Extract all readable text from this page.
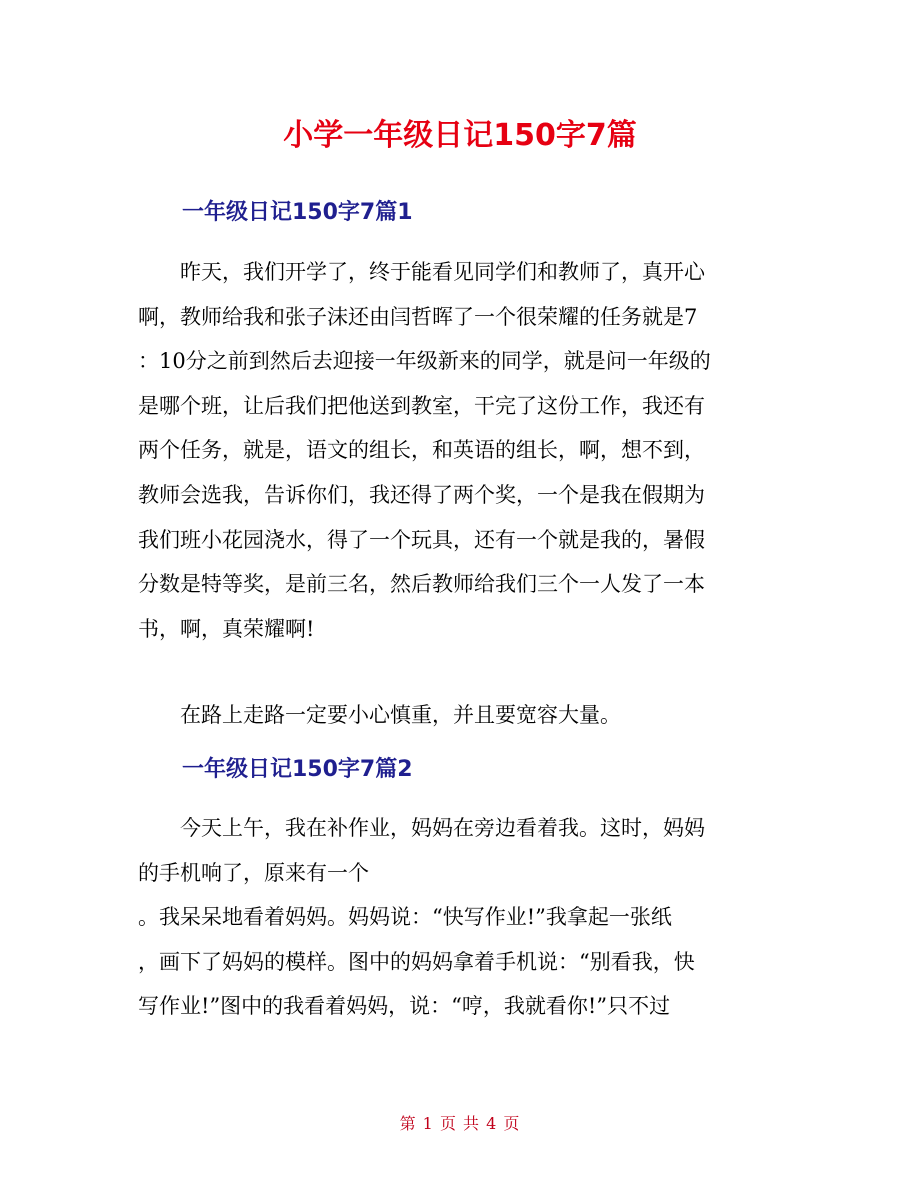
小学一年级日记150字7篇
一年级日记150字7篇1
昨天，我们开学了，终于能看见同学们和教师了，真开心
啊，教师给我和张子沫还由闫哲晖了一个很荣耀的任务就是7
：10分之前到然后去迎接一年级新来的同学，就是问一年级的
是哪个班，让后我们把他送到教室，干完了这份工作，我还有
两个任务，就是，语文的组长，和英语的组长，啊，想不到，
教师会选我，告诉你们，我还得了两个奖，一个是我在假期为
我们班小花园浇水，得了一个玩具，还有一个就是我的，暑假
分数是特等奖，是前三名，然后教师给我们三个一人发了一本
书，啊，真荣耀啊!
在路上走路一定要小心慎重，并且要宽容大量。
一年级日记150字7篇2
今天上午，我在补作业，妈妈在旁边看着我。这时，妈妈
的手机响了，原来有一个
。我呆呆地看着妈妈。妈妈说：“快写作业!”我拿起一张纸
，画下了妈妈的模样。图中的妈妈拿着手机说：“别看我，快
写作业!”图中的我看着妈妈，说：“哼，我就看你!”只不过
第 1 页 共 4 页
